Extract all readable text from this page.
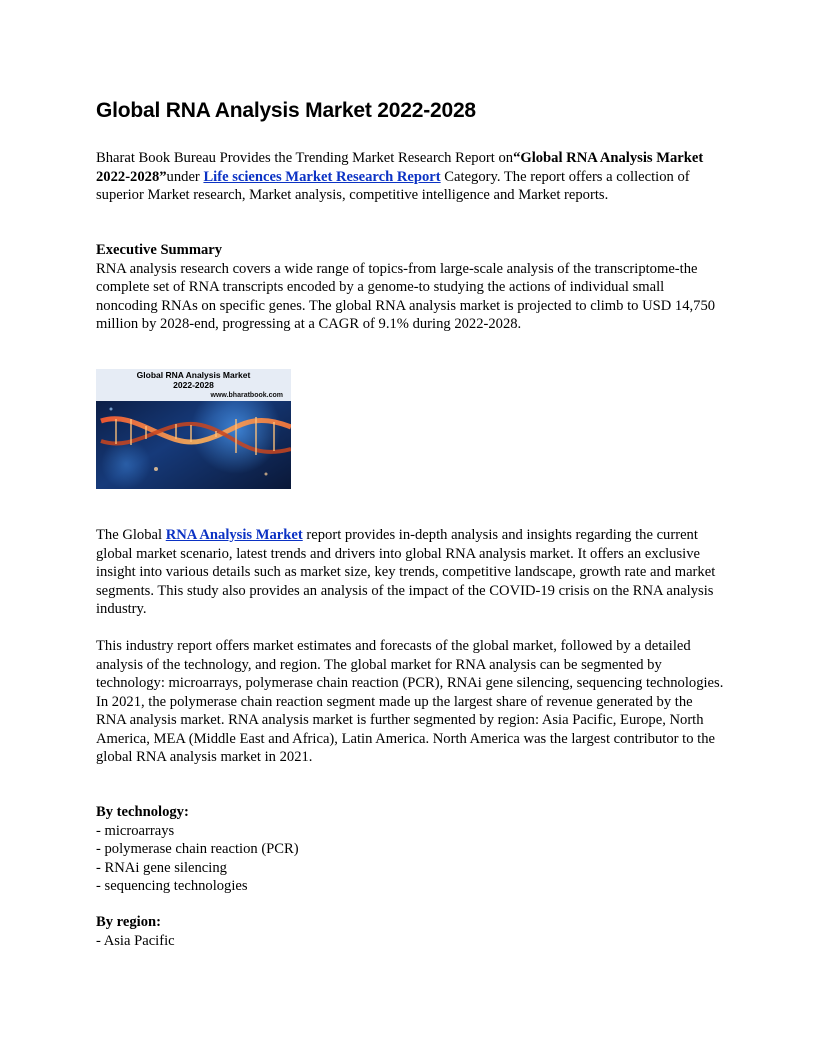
Global RNA Analysis Market 2022-2028

Bharat Book Bureau Provides the Trending Market Research Report on“Global RNA Analysis Market 2022-2028”under Life sciences Market Research Report Category. The report offers a collection of superior Market research, Market analysis, competitive intelligence and Market reports.

Executive Summary
RNA analysis research covers a wide range of topics-from large-scale analysis of the transcriptome-the complete set of RNA transcripts encoded by a genome-to studying the actions of individual small noncoding RNAs on specific genes. The global RNA analysis market is projected to climb to USD 14,750 million by 2028-end, progressing at a CAGR of 9.1% during 2022-2028.
Global RNA Analysis Market
2022-2028
www.bharatbook.com

The Global RNA Analysis Market report provides in-depth analysis and insights regarding the current global market scenario, latest trends and drivers into global RNA analysis market. It offers an exclusive insight into various details such as market size, key trends, competitive landscape, growth rate and market segments. This study also provides an analysis of the impact of the COVID-19 crisis on the RNA analysis industry.

This industry report offers market estimates and forecasts of the global market, followed by a detailed analysis of the technology, and region. The global market for RNA analysis can be segmented by technology: microarrays, polymerase chain reaction (PCR), RNAi gene silencing, sequencing technologies. In 2021, the polymerase chain reaction segment made up the largest share of revenue generated by the RNA analysis market. RNA analysis market is further segmented by region: Asia Pacific, Europe, North America, MEA (Middle East and Africa), Latin America. North America was the largest contributor to the global RNA analysis market in 2021.

By technology:
- microarrays
- polymerase chain reaction (PCR)
- RNAi gene silencing
- sequencing technologies
By region:
- Asia Pacific
